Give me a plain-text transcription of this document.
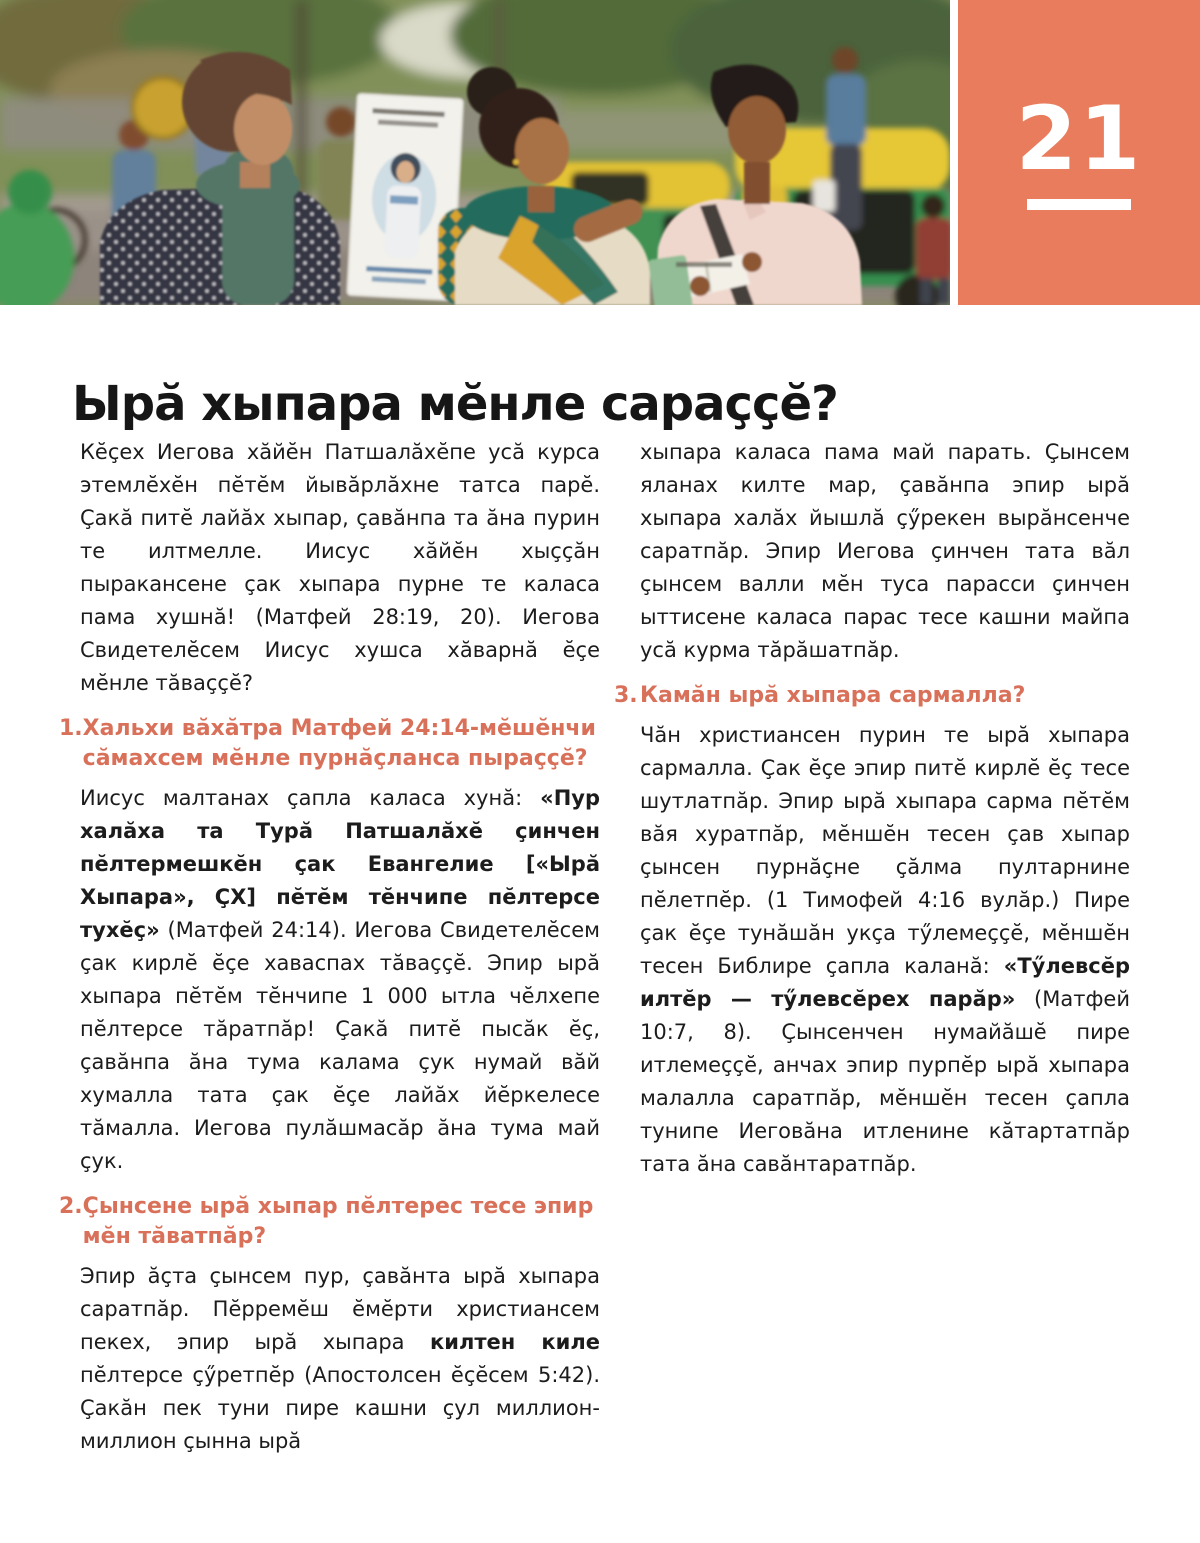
21
Ырӑ хыпара мӗнле сараҫҫӗ?

Кӗҫех Иегова хӑйӗн Патшалӑхӗпе усӑ курса этемлӗхӗн пӗтӗм йывӑрлӑхне татса парӗ. Ҫакӑ питӗ лайӑх хыпар, ҫавӑнпа та ӑна пурин те илтмелле. Иисус хӑйӗн хыҫҫӑн пыракансене ҫак хыпара пурне те каласа пама хушнӑ! (Матфей 28:19, 20). Иегова Свидетелӗсем Иисус хушса хӑварнӑ ӗҫе мӗнле тӑваҫҫӗ?

1. Хальхи вӑхӑтра Матфей 24:14-мӗшӗнчи сӑмахсем мӗнле пурнӑҫланса пыраҫҫӗ?

Иисус малтанах ҫапла каласа хунӑ: «Пур халӑха та Турӑ Патшалӑхӗ ҫинчен пӗлтермешкӗн ҫак Евангелие [«Ырӑ Хыпара», ҪХ] пӗтӗм тӗнчипе пӗлтерсе тухӗҫ» (Матфей 24:14). Иегова Свидетелӗсем ҫак кирлӗ ӗҫе хаваспах тӑваҫҫӗ. Эпир ырӑ хыпара пӗтӗм тӗнчипе 1 000 ытла чӗлхепе пӗлтерсе тӑратпӑр! Ҫакӑ питӗ пысӑк ӗҫ, ҫавӑнпа ӑна тума калама ҫук нумай вӑй хумалла тата ҫак ӗҫе лайӑх йӗркелесе тӑмалла. Иегова пулӑшмасӑр ӑна тума май ҫук.

2. Ҫынсене ырӑ хыпар пӗлтерес тесе эпир мӗн тӑватпӑр?

Эпир ӑҫта ҫынсем пур, ҫавӑнта ырӑ хыпара саратпӑр. Пӗрремӗш ӗмӗрти христиансем пекех, эпир ырӑ хыпара килтен киле пӗлтерсе ҫӳретпӗр (Апостолсен ӗҫӗсем 5:42). Ҫакӑн пек туни пире кашни ҫул миллион-миллион ҫынна ырӑ

хыпара каласа пама май парать. Ҫынсем яланах килте мар, ҫавӑнпа эпир ырӑ хыпара халӑх йышлӑ ҫӳрекен вырӑнсенче саратпӑр. Эпир Иегова ҫинчен тата вӑл ҫынсем валли мӗн туса парасси ҫинчен ыттисене каласа парас тесе кашни майпа усӑ курма тӑрӑшатпӑр.

3. Камӑн ырӑ хыпара сармалла?

Чӑн христиансен пурин те ырӑ хыпара сармалла. Ҫак ӗҫе эпир питӗ кирлӗ ӗҫ тесе шутлатпӑр. Эпир ырӑ хыпара сарма пӗтӗм вӑя хуратпӑр, мӗншӗн тесен ҫав хыпар ҫынсен пурнӑҫне ҫӑлма пултарнине пӗлетпӗр. (1 Тимофей 4:16 вулӑр.) Пире ҫак ӗҫе тунӑшӑн укҫа тӳлемеҫҫӗ, мӗншӗн тесен Библире ҫапла каланӑ: «Тӳлевсӗр илтӗр — тӳлевсӗрех парӑр» (Матфей 10:7, 8). Ҫынсенчен нумайӑшӗ пире итлемеҫҫӗ, анчах эпир пурпӗр ырӑ хыпара малалла саратпӑр, мӗншӗн тесен ҫапла тунипе Иеговӑна итленине кӑтартатпӑр тата ӑна савӑнтаратпӑр.
